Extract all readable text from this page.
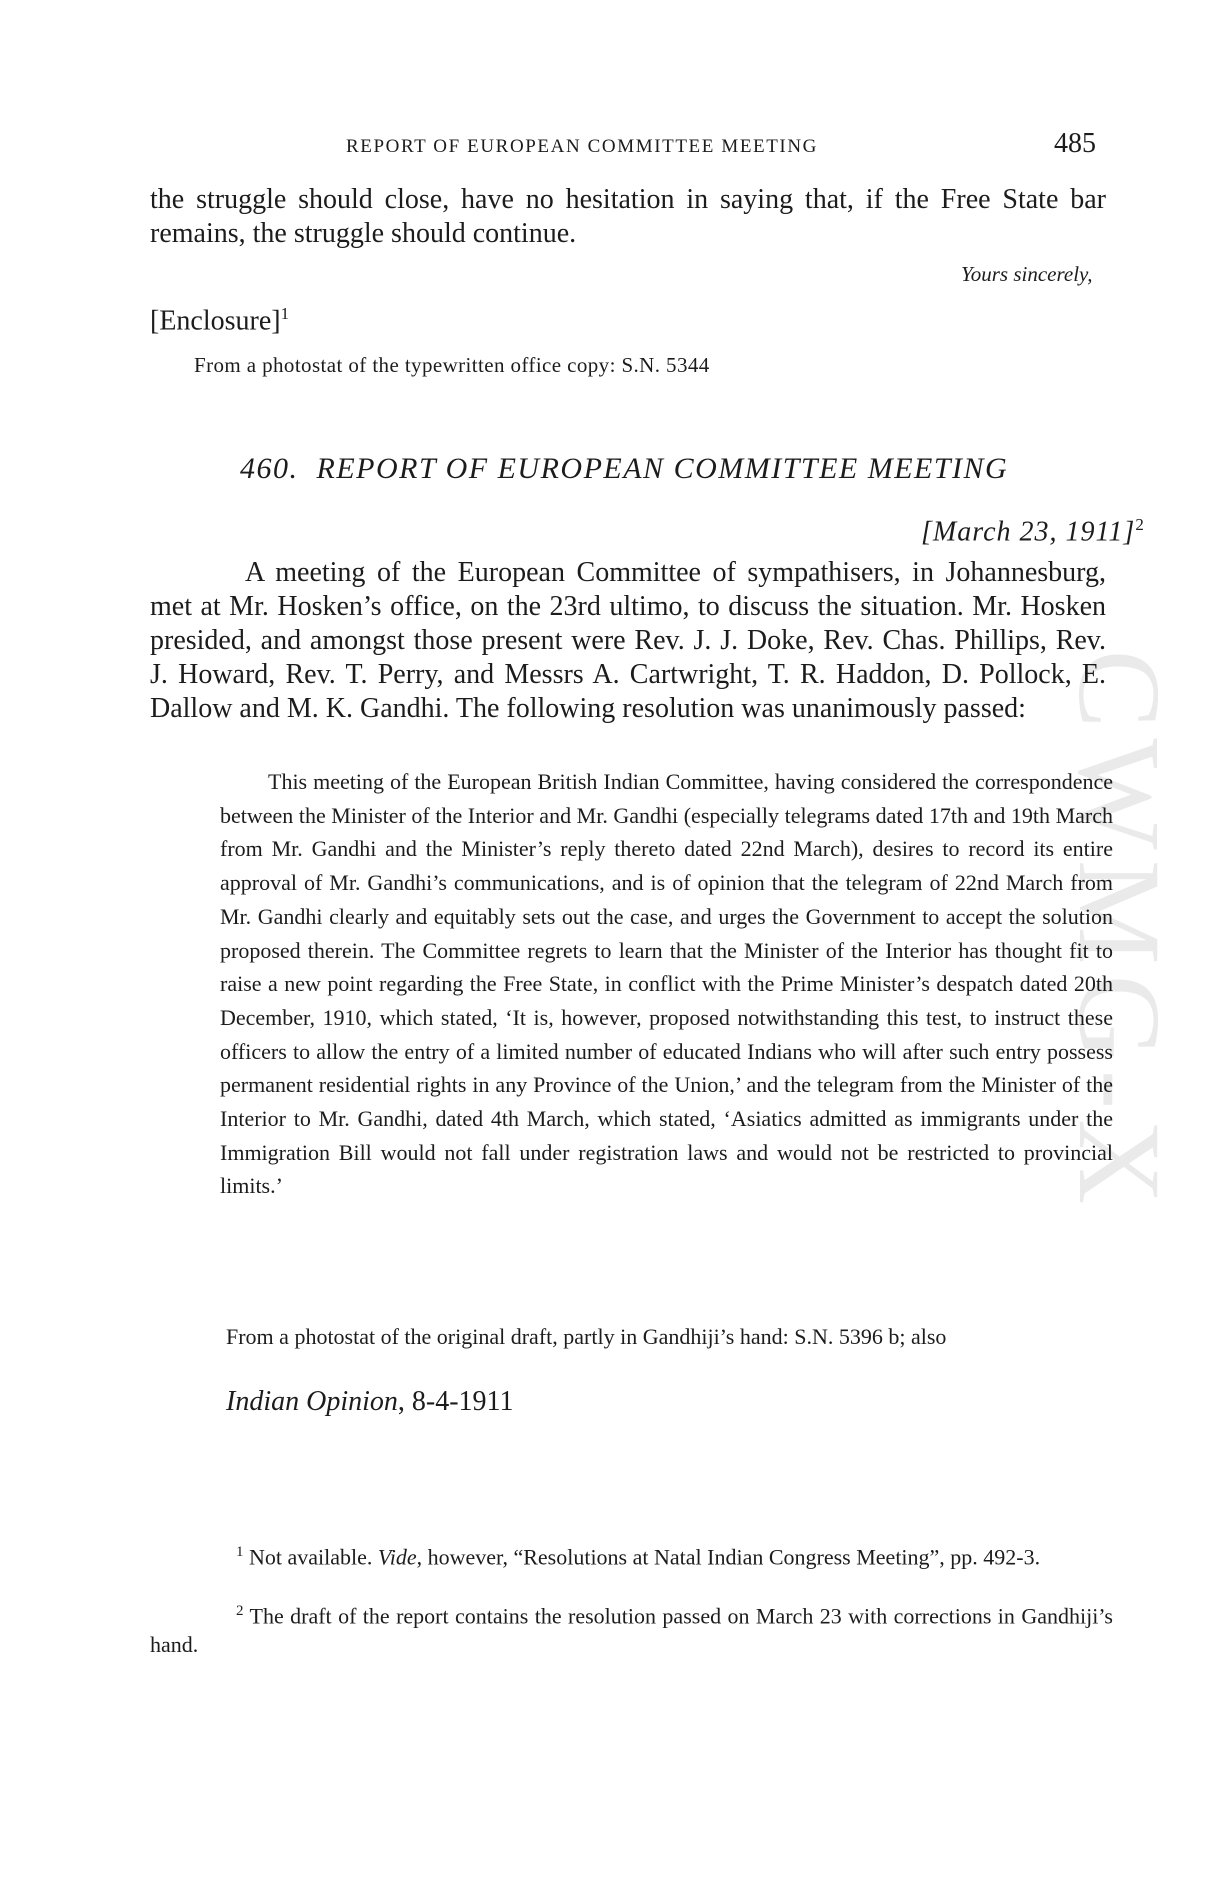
REPORT OF EUROPEAN COMMITTEE MEETING	485
the struggle should close, have no hesitation in saying that, if the Free State bar remains, the struggle should continue.
Yours sincerely,
[Enclosure]$^1$
From a photostat of the typewritten office copy: S.N. 5344
460. REPORT OF EUROPEAN COMMITTEE MEETING
[March 23, 1911]$^2$
A meeting of the European Committee of sympathisers, in Johannesburg, met at Mr. Hosken’s office, on the 23rd ultimo, to discuss the situation. Mr. Hosken presided, and amongst those present were Rev. J. J. Doke, Rev. Chas. Phillips, Rev. J. Howard, Rev. T. Perry, and Messrs A. Cartwright, T. R. Haddon, D. Pollock, E. Dallow and M. K. Gandhi. The following resolution was unanimously passed:
This meeting of the European British Indian Committee, having considered the correspondence between the Minister of the Interior and Mr. Gandhi (especially telegrams dated 17th and 19th March from Mr. Gandhi and the Minister’s reply thereto dated 22nd March), desires to record its entire approval of Mr. Gandhi’s communications, and is of opinion that the telegram of 22nd March from Mr. Gandhi clearly and equitably sets out the case, and urges the Government to accept the solution proposed therein. The Committee regrets to learn that the Minister of the Interior has thought fit to raise a new point regarding the Free State, in conflict with the Prime Minister’s despatch dated 20th December, 1910, which stated, ‘It is, however, proposed notwithstanding this test, to instruct these officers to allow the entry of a limited number of educated Indians who will after such entry possess permanent residential rights in any Province of the Union,’ and the telegram from the Minister of the Interior to Mr. Gandhi, dated 4th March, which stated, ‘Asiatics admitted as immigrants under the Immigration Bill would not fall under registration laws and would not be restricted to provincial limits.’
From a photostat of the original draft, partly in Gandhiji’s hand: S.N. 5396 b; also
Indian Opinion, 8-4-1911
$^1$ Not available. Vide, however, “Resolutions at Natal Indian Congress Meeting”, pp. 492-3.
$^2$ The draft of the report contains the resolution passed on March 23 with corrections in Gandhiji’s hand.
CWMG-X
